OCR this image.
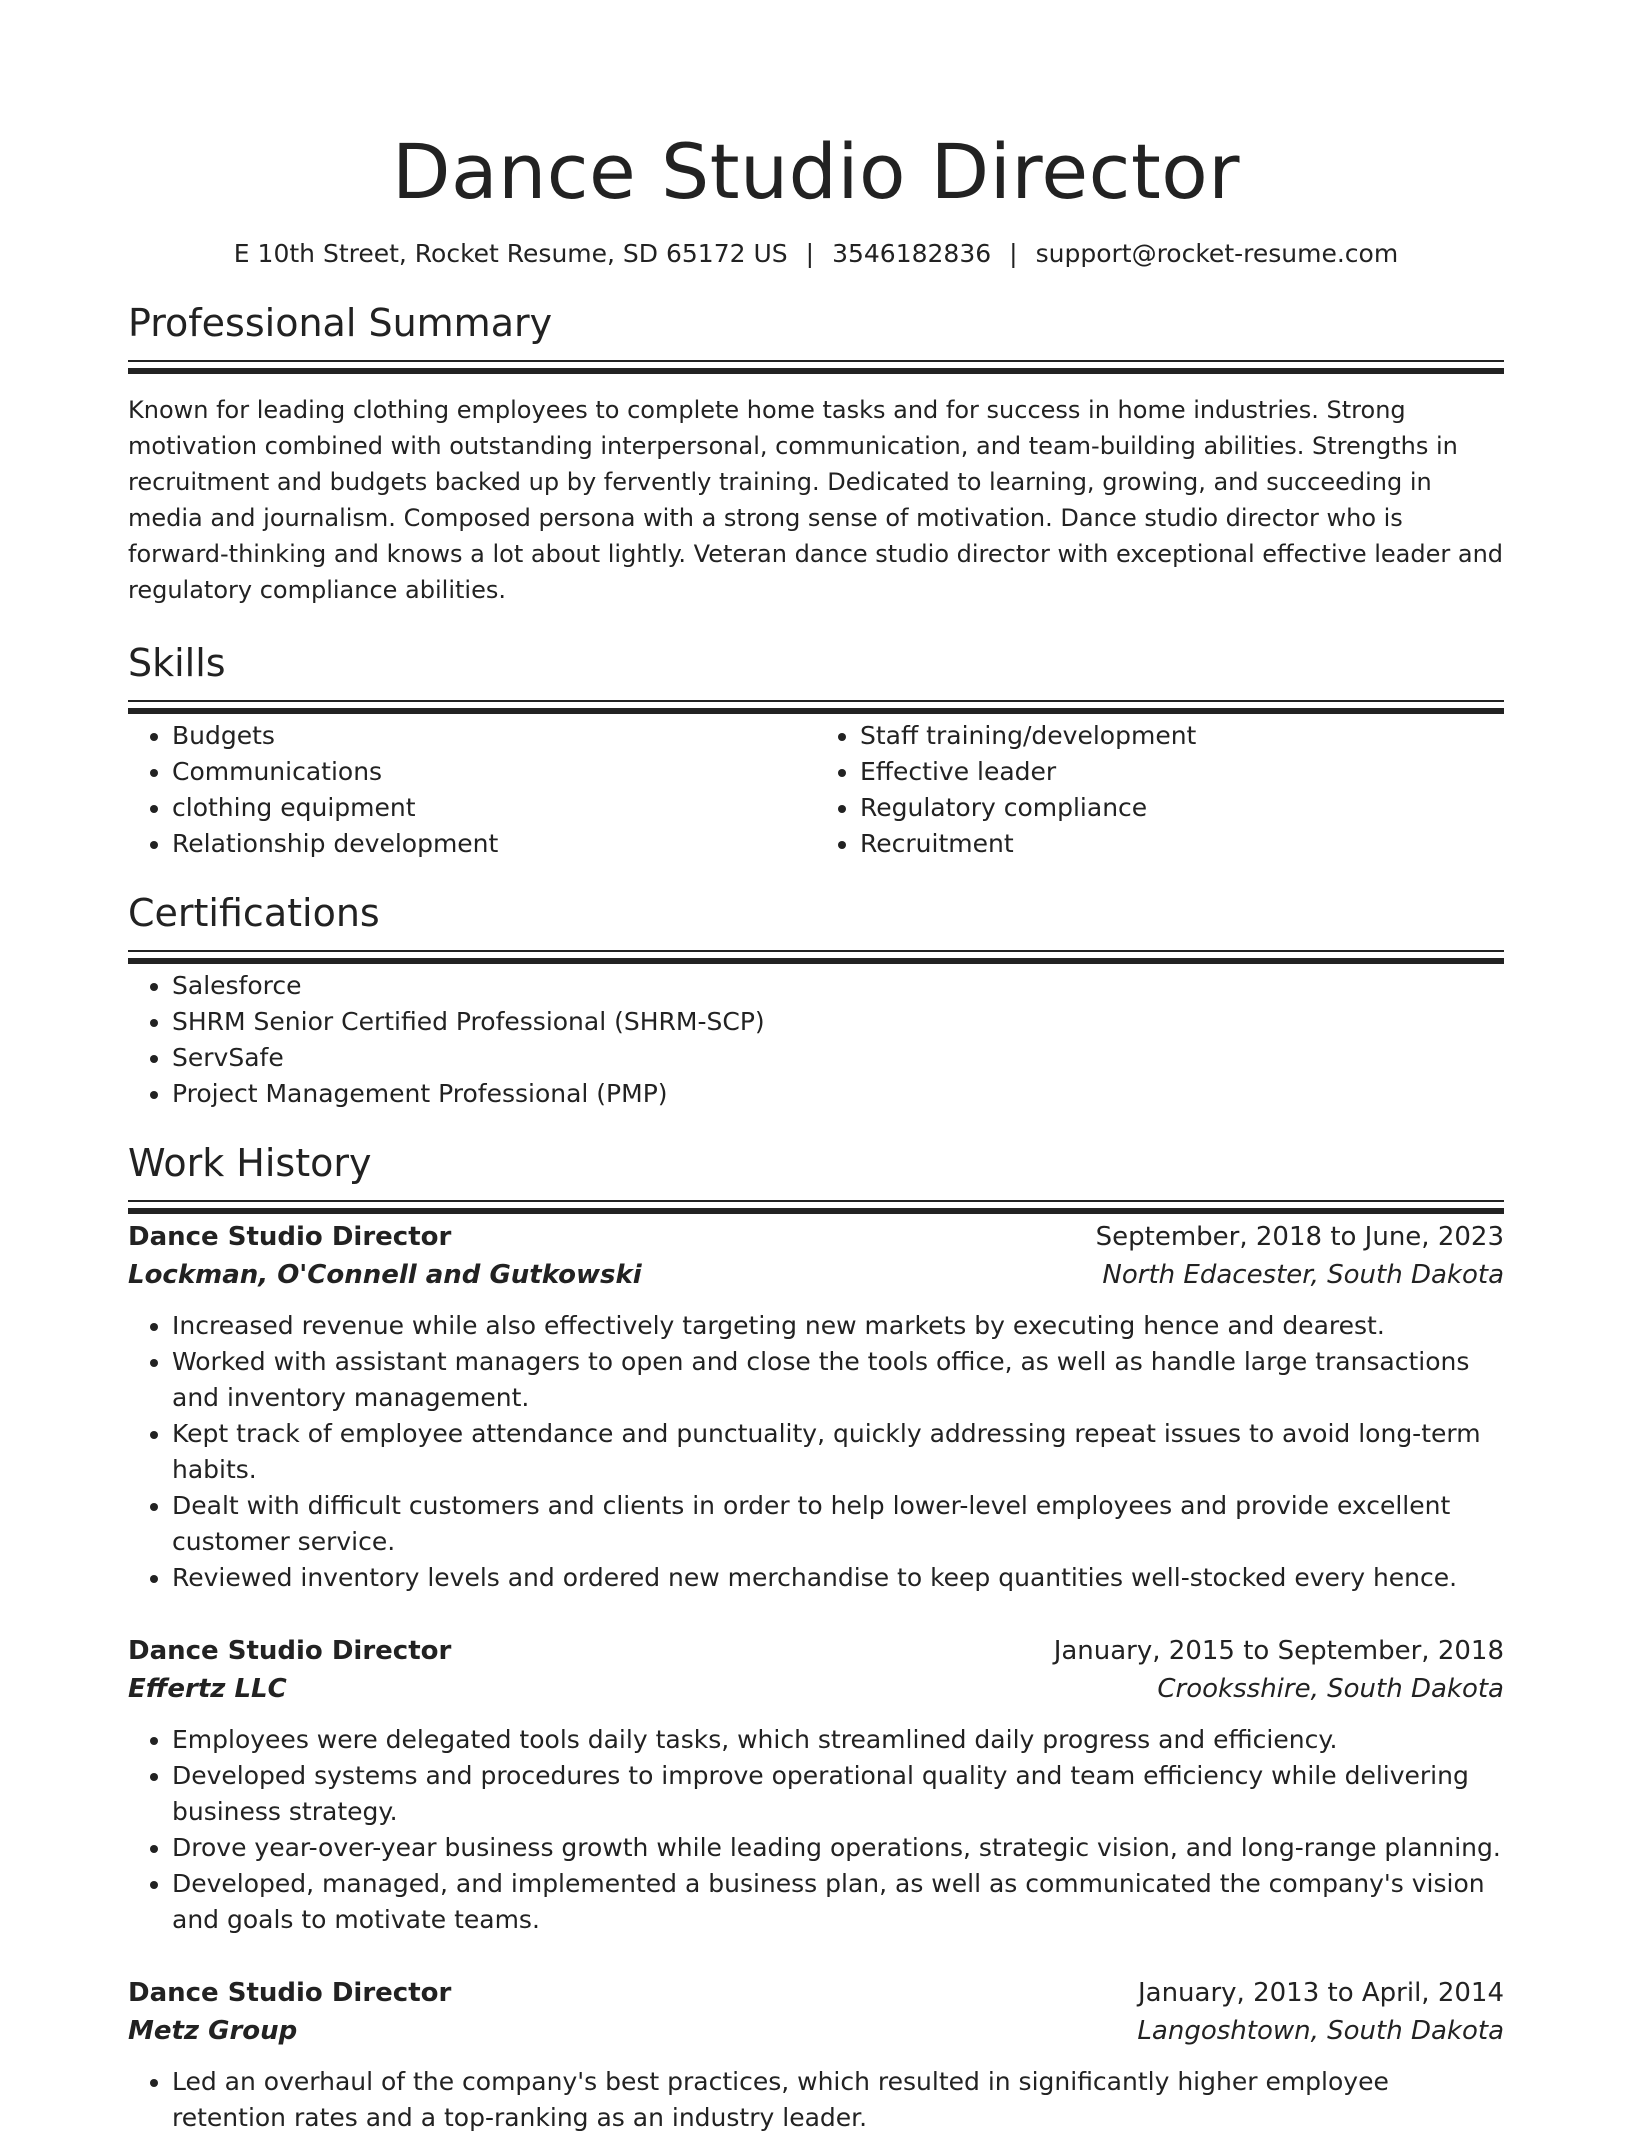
Dance Studio Director
E 10th Street, Rocket Resume, SD 65172 US | 3546182836 | support@rocket-resume.com
Professional Summary

Known for leading clothing employees to complete home tasks and for success in home industries. Strong motivation combined with outstanding interpersonal, communication, and team-building abilities. Strengths in recruitment and budgets backed up by fervently training. Dedicated to learning, growing, and succeeding in media and journalism. Composed persona with a strong sense of motivation. Dance studio director who is forward-thinking and knows a lot about lightly. Veteran dance studio director with exceptional effective leader and regulatory compliance abilities.

Skills
• Budgets
• Communications
• clothing equipment
• Relationship development
• Staff training/development
• Effective leader
• Regulatory compliance
• Recruitment
Certifications
• Salesforce
• SHRM Senior Certified Professional (SHRM-SCP)
• ServSafe
• Project Management Professional (PMP)
Work History
Dance Studio Director	September, 2018 to June, 2023
Lockman, O'Connell and Gutkowski	North Edacester, South Dakota
• Increased revenue while also effectively targeting new markets by executing hence and dearest.
• Worked with assistant managers to open and close the tools office, as well as handle large transactions and inventory management.
• Kept track of employee attendance and punctuality, quickly addressing repeat issues to avoid long-term habits.
• Dealt with difficult customers and clients in order to help lower-level employees and provide excellent customer service.
• Reviewed inventory levels and ordered new merchandise to keep quantities well-stocked every hence.
Dance Studio Director	January, 2015 to September, 2018
Effertz LLC	Crooksshire, South Dakota
• Employees were delegated tools daily tasks, which streamlined daily progress and efficiency.
• Developed systems and procedures to improve operational quality and team efficiency while delivering business strategy.
• Drove year-over-year business growth while leading operations, strategic vision, and long-range planning.
• Developed, managed, and implemented a business plan, as well as communicated the company's vision and goals to motivate teams.
Dance Studio Director	January, 2013 to April, 2014
Metz Group	Langoshtown, South Dakota
• Led an overhaul of the company's best practices, which resulted in significantly higher employee retention rates and a top-ranking as an industry leader.
